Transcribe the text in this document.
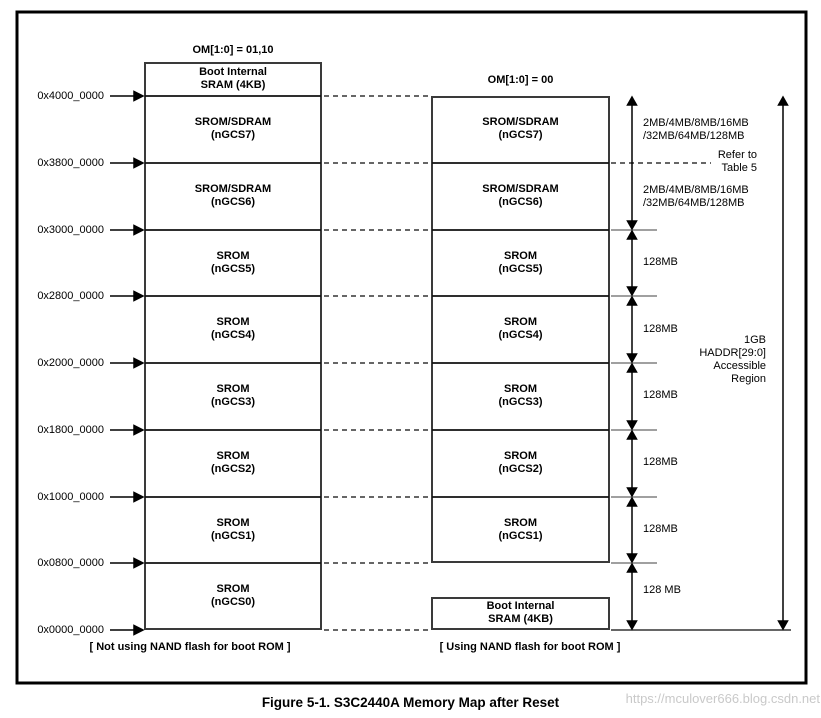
OM[1:0] = 01,10
OM[1:0] = 00
0x4000_0000
0x3800_0000
0x3000_0000
0x2800_0000
0x2000_0000
0x1800_0000
0x1000_0000
0x0800_0000
0x0000_0000
Boot Internal
SRAM (4KB)
SROM/SDRAM
(nGCS7)
SROM/SDRAM
(nGCS6)
SROM
(nGCS5)
SROM
(nGCS4)
SROM
(nGCS3)
SROM
(nGCS2)
SROM
(nGCS1)
SROM
(nGCS0)
SROM/SDRAM
(nGCS7)
SROM/SDRAM
(nGCS6)
SROM
(nGCS5)
SROM
(nGCS4)
SROM
(nGCS3)
SROM
(nGCS2)
SROM
(nGCS1)
Boot Internal
SRAM (4KB)
2MB/4MB/8MB/16MB
/32MB/64MB/128MB
Refer to
Table 5
2MB/4MB/8MB/16MB
/32MB/64MB/128MB
128MB
128MB
128MB
128MB
128MB
128 MB
1GB
HADDR[29:0]
Accessible
Region
[ Not using NAND flash for boot ROM ]	[ Using NAND flash for boot ROM ]
https://mculover666.blog.csdn.net
Figure 5-1. S3C2440A Memory Map after Reset
